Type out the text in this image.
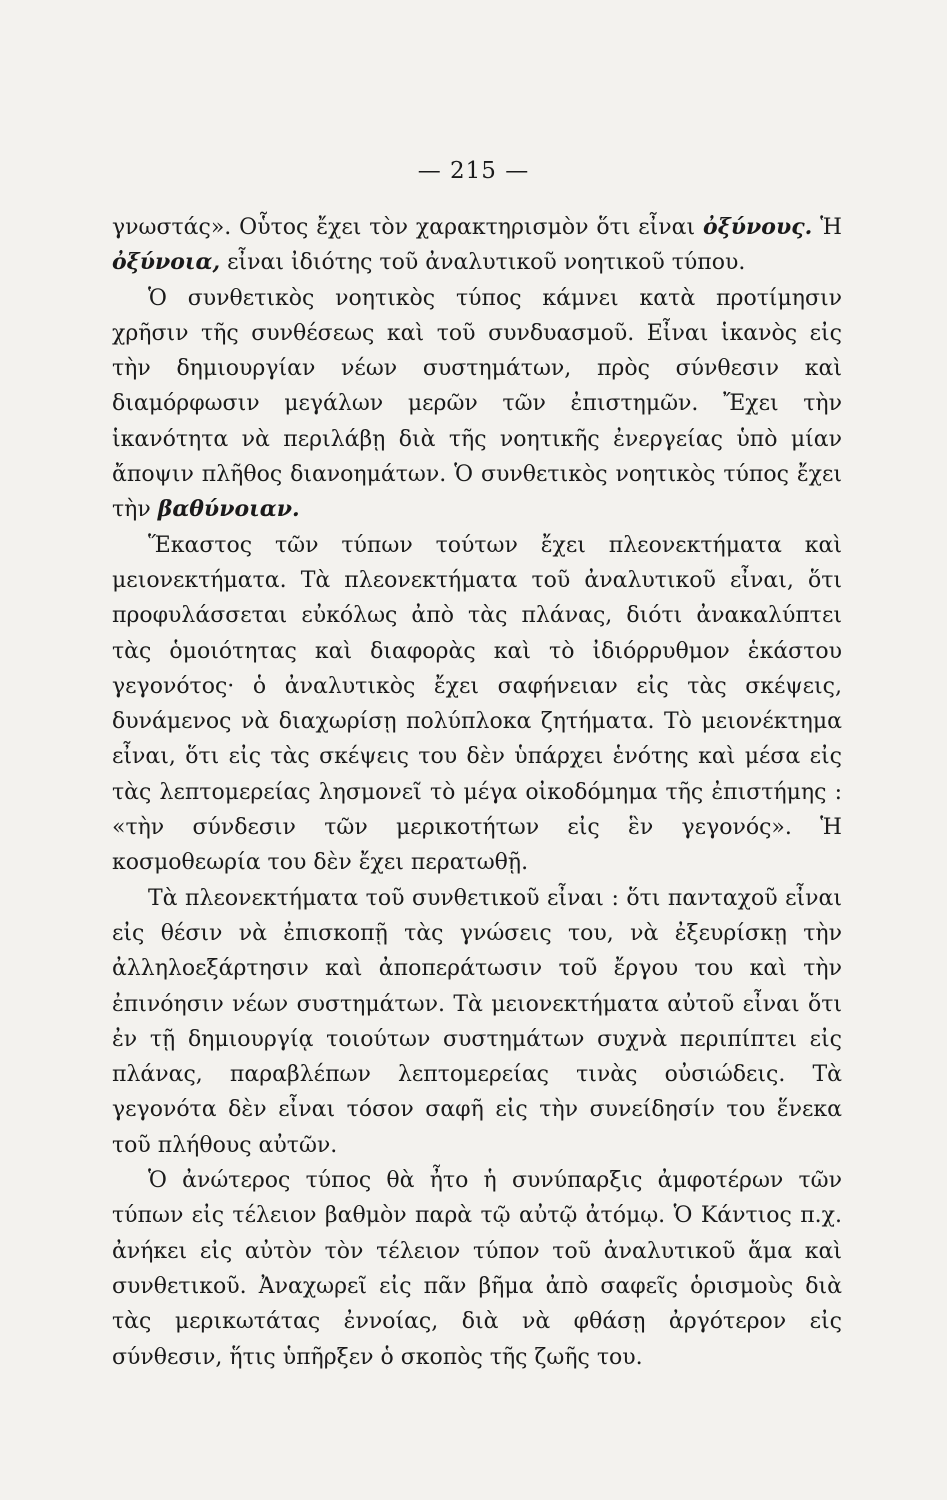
— 215 —

γνωστάς». Οὗτος ἔχει τὸν χαρακτηρισμὸν ὅτι εἶναι ὀξύνους. Ἡ ὀξύνοια, εἶναι ἰδιότης τοῦ ἀναλυτικοῦ νοητικοῦ τύπου.

Ὁ συνθετικὸς νοητικὸς τύπος κάμνει κατὰ προτίμησιν χρῆσιν τῆς συνθέσεως καὶ τοῦ συνδυασμοῦ. Εἶναι ἱκανὸς εἰς τὴν δημιουργίαν νέων συστημάτων, πρὸς σύνθεσιν καὶ διαμόρφωσιν μεγάλων μερῶν τῶν ἐπιστημῶν. Ἔχει τὴν ἱκανότητα νὰ περιλάβῃ διὰ τῆς νοητικῆς ἐνεργείας ὑπὸ μίαν ἄποψιν πλῆθος διανοημάτων. Ὁ συνθετικὸς νοητικὸς τύπος ἔχει τὴν βαθύνοιαν.

Ἕκαστος τῶν τύπων τούτων ἔχει πλεονεκτήματα καὶ μειονεκτήματα. Τὰ πλεονεκτήματα τοῦ ἀναλυτικοῦ εἶναι, ὅτι προφυλάσσεται εὐκόλως ἀπὸ τὰς πλάνας, διότι ἀνακαλύπτει τὰς ὁμοιότητας καὶ διαφορὰς καὶ τὸ ἰδιόρρυθμον ἑκάστου γεγονότος· ὁ ἀναλυτικὸς ἔχει σαφήνειαν εἰς τὰς σκέψεις, δυνάμενος νὰ διαχωρίσῃ πολύπλοκα ζητήματα. Τὸ μειονέκτημα εἶναι, ὅτι εἰς τὰς σκέψεις του δὲν ὑπάρχει ἑνότης καὶ μέσα εἰς τὰς λεπτομερείας λησμονεῖ τὸ μέγα οἰκοδόμημα τῆς ἐπιστήμης : «τὴν σύνδεσιν τῶν μερικοτήτων εἰς ἓν γεγονός». Ἡ κοσμοθεωρία του δὲν ἔχει περατωθῇ.

Τὰ πλεονεκτήματα τοῦ συνθετικοῦ εἶναι : ὅτι πανταχοῦ εἶναι εἰς θέσιν νὰ ἐπισκοπῇ τὰς γνώσεις του, νὰ ἐξευρίσκῃ τὴν ἀλληλοεξάρτησιν καὶ ἀποπεράτωσιν τοῦ ἔργου του καὶ τὴν ἐπινόησιν νέων συστημάτων. Τὰ μειονεκτήματα αὐτοῦ εἶναι ὅτι ἐν τῇ δημιουργίᾳ τοιούτων συστημάτων συχνὰ περιπίπτει εἰς πλάνας, παραβλέπων λεπτομερείας τινὰς οὐσιώδεις. Τὰ γεγονότα δὲν εἶναι τόσον σαφῆ εἰς τὴν συνείδησίν του ἕνεκα τοῦ πλήθους αὐτῶν.

Ὁ ἀνώτερος τύπος θὰ ἦτο ἡ συνύπαρξις ἀμφοτέρων τῶν τύπων εἰς τέλειον βαθμὸν παρὰ τῷ αὐτῷ ἀτόμῳ. Ὁ Κάντιος π.χ. ἀνήκει εἰς αὐτὸν τὸν τέλειον τύπον τοῦ ἀναλυτικοῦ ἅμα καὶ συνθετικοῦ. Ἀναχωρεῖ εἰς πᾶν βῆμα ἀπὸ σαφεῖς ὁρισμοὺς διὰ τὰς μερικωτάτας ἐννοίας, διὰ νὰ φθάσῃ ἀργότερον εἰς σύνθεσιν, ἥτις ὑπῆρξεν ὁ σκοπὸς τῆς ζωῆς του.
